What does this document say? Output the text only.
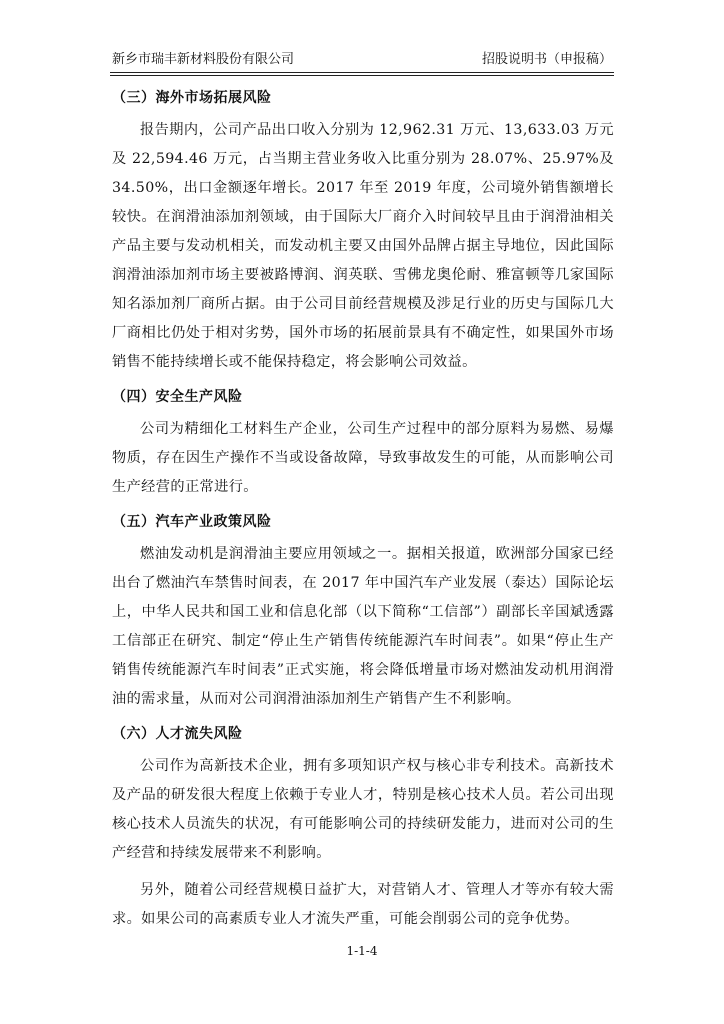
新乡市瑞丰新材料股份有限公司	招股说明书（申报稿）
（三）海外市场拓展风险

报告期内，公司产品出口收入分别为 12,962.31 万元、13,633.03 万元及 22,594.46 万元，占当期主营业务收入比重分别为 28.07%、25.97%及 34.50%，出口金额逐年增长。2017 年至 2019 年度，公司境外销售额增长较快。在润滑油添加剂领域，由于国际大厂商介入时间较早且由于润滑油相关产品主要与发动机相关，而发动机主要又由国外品牌占据主导地位，因此国际润滑油添加剂市场主要被路博润、润英联、雪佛龙奥伦耐、雅富顿等几家国际知名添加剂厂商所占据。由于公司目前经营规模及涉足行业的历史与国际几大厂商相比仍处于相对劣势，国外市场的拓展前景具有不确定性，如果国外市场销售不能持续增长或不能保持稳定，将会影响公司效益。

（四）安全生产风险

公司为精细化工材料生产企业，公司生产过程中的部分原料为易燃、易爆物质，存在因生产操作不当或设备故障，导致事故发生的可能，从而影响公司生产经营的正常进行。

（五）汽车产业政策风险

燃油发动机是润滑油主要应用领域之一。据相关报道，欧洲部分国家已经出台了燃油汽车禁售时间表，在 2017 年中国汽车产业发展（泰达）国际论坛上，中华人民共和国工业和信息化部（以下简称“工信部”）副部长辛国斌透露工信部正在研究、制定“停止生产销售传统能源汽车时间表”。如果“停止生产销售传统能源汽车时间表”正式实施，将会降低增量市场对燃油发动机用润滑油的需求量，从而对公司润滑油添加剂生产销售产生不利影响。

（六）人才流失风险

公司作为高新技术企业，拥有多项知识产权与核心非专利技术。高新技术及产品的研发很大程度上依赖于专业人才，特别是核心技术人员。若公司出现核心技术人员流失的状况，有可能影响公司的持续研发能力，进而对公司的生产经营和持续发展带来不利影响。

另外，随着公司经营规模日益扩大，对营销人才、管理人才等亦有较大需求。如果公司的高素质专业人才流失严重，可能会削弱公司的竞争优势。

1-1-4
